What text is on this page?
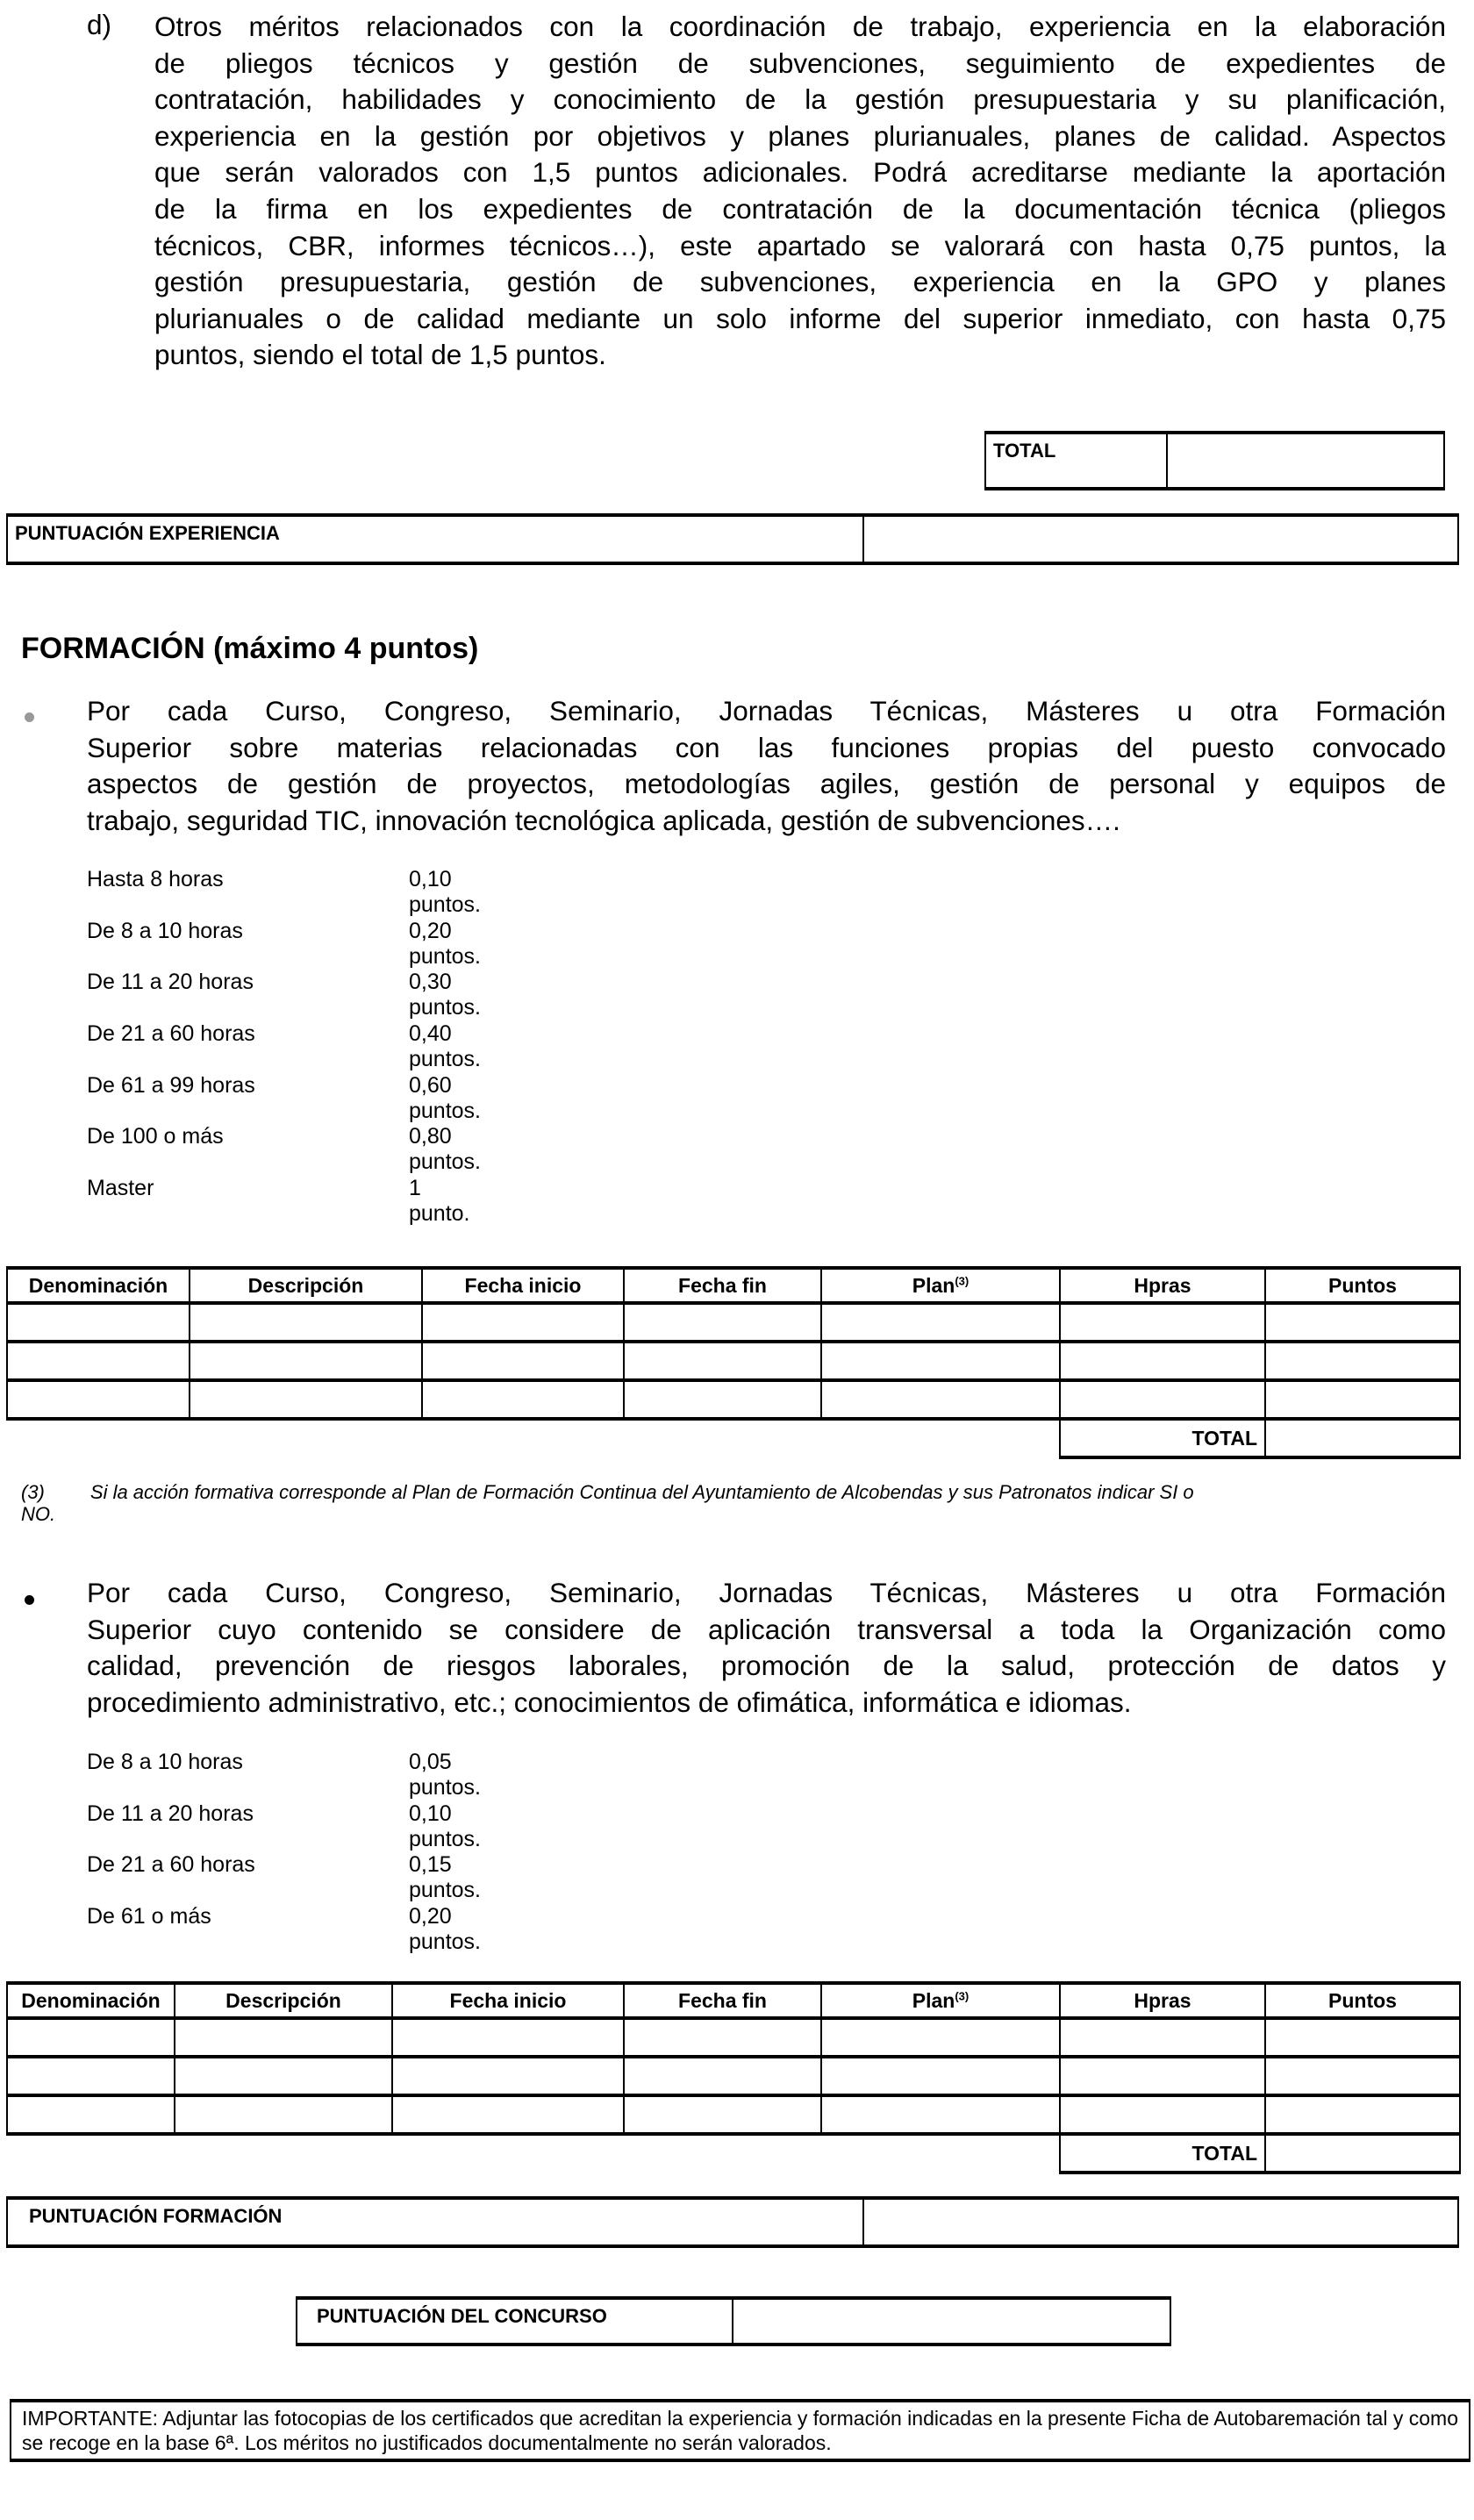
d) Otros méritos relacionados con la coordinación de trabajo, experiencia en la elaboración
de pliegos técnicos y gestión de subvenciones, seguimiento de expedientes de
contratación, habilidades y conocimiento de la gestión presupuestaria y su planificación,
experiencia en la gestión por objetivos y planes plurianuales, planes de calidad. Aspectos
que serán valorados con 1,5 puntos adicionales. Podrá acreditarse mediante la aportación
de la firma en los expedientes de contratación de la documentación técnica (pliegos
técnicos, CBR, informes técnicos…), este apartado se valorará con hasta 0,75 puntos, la
gestión presupuestaria, gestión de subvenciones, experiencia en la GPO y planes
plurianuales o de calidad mediante un solo informe del superior inmediato, con hasta 0,75
puntos, siendo el total de 1,5 puntos.
TOTAL
PUNTUACIÓN EXPERIENCIA
FORMACIÓN (máximo 4 puntos)
Por cada Curso, Congreso, Seminario, Jornadas Técnicas, Másteres u otra Formación
Superior sobre materias relacionadas con las funciones propias del puesto convocado
aspectos de gestión de proyectos, metodologías agiles, gestión de personal y equipos de
trabajo, seguridad TIC, innovación tecnológica aplicada, gestión de subvenciones….
Hasta 8 horas	0,10 puntos.
De 8 a 10 horas	0,20 puntos.
De 11 a 20 horas	0,30 puntos.
De 21 a 60 horas	0,40 puntos.
De 61 a 99 horas	0,60 puntos.
De 100 o más	0,80 puntos.
Master	1 punto.
Denominación	Descripción	Fecha inicio	Fecha fin	Plan$^{(3)}$	Hpras	Puntos

					TOTAL	
(3) Si la acción formativa corresponde al Plan de Formación Continua del Ayuntamiento de Alcobendas y sus Patronatos indicar SI o
NO.
Por cada Curso, Congreso, Seminario, Jornadas Técnicas, Másteres u otra Formación
Superior cuyo contenido se considere de aplicación transversal a toda la Organización como
calidad, prevención de riesgos laborales, promoción de la salud, protección de datos y
procedimiento administrativo, etc.; conocimientos de ofimática, informática e idiomas.
De 8 a 10 horas	0,05 puntos.
De 11 a 20 horas	0,10 puntos.
De 21 a 60 horas	0,15 puntos.
De 61 o más	0,20 puntos.
Denominación	Descripción	Fecha inicio	Fecha fin	Plan$^{(3)}$	Hpras	Puntos

					TOTAL	
PUNTUACIÓN FORMACIÓN
PUNTUACIÓN DEL CONCURSO
IMPORTANTE: Adjuntar las fotocopias de los certificados que acreditan la experiencia y formación indicadas en la presente Ficha de Autobaremación tal y como se recoge en la base 6ª. Los méritos no justificados documentalmente no serán valorados.
